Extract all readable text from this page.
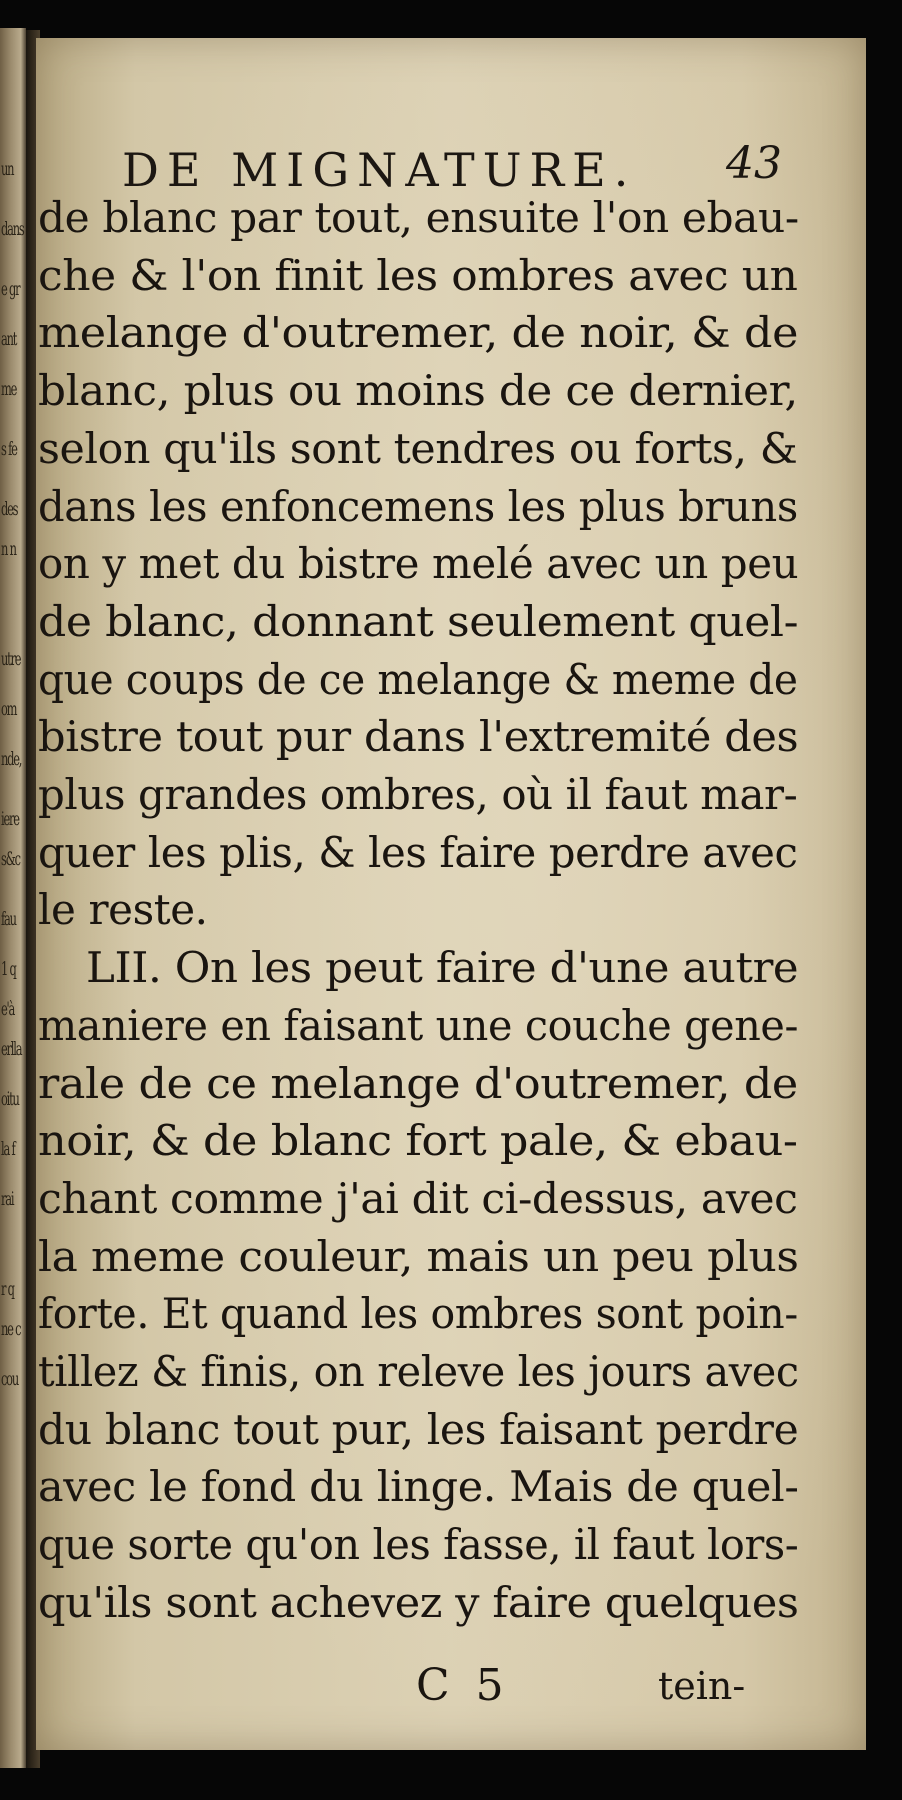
un
dans
e gr
ant
me
s fe
des
n n
utre
om
nde,
iere
s&c
fau
1 q
e'à
erlla
oitu
la f
rai
r q
ne c
cou
DE MIGNATURE.	43
de blanc par tout, ensuite l'on ebau-
che & l'on finit les ombres avec un
melange d'outremer, de noir, & de
blanc, plus ou moins de ce dernier,
selon qu'ils sont tendres ou forts, &
dans les enfoncemens les plus bruns
on y met du bistre melé avec un peu
de blanc, donnant seulement quel-
que coups de ce melange & meme de
bistre tout pur dans l'extremité des
plus grandes ombres, où il faut mar-
quer les plis, & les faire perdre avec
le reste.
LII. On les peut faire d'une autre
maniere en faisant une couche gene-
rale de ce melange d'outremer, de
noir, & de blanc fort pale, & ebau-
chant comme j'ai dit ci-dessus, avec
la meme couleur, mais un peu plus
forte. Et quand les ombres sont poin-
tillez & finis, on releve les jours avec
du blanc tout pur, les faisant perdre
avec le fond du linge. Mais de quel-
que sorte qu'on les fasse, il faut lors-
qu'ils sont achevez y faire quelques
C 5	tein-
